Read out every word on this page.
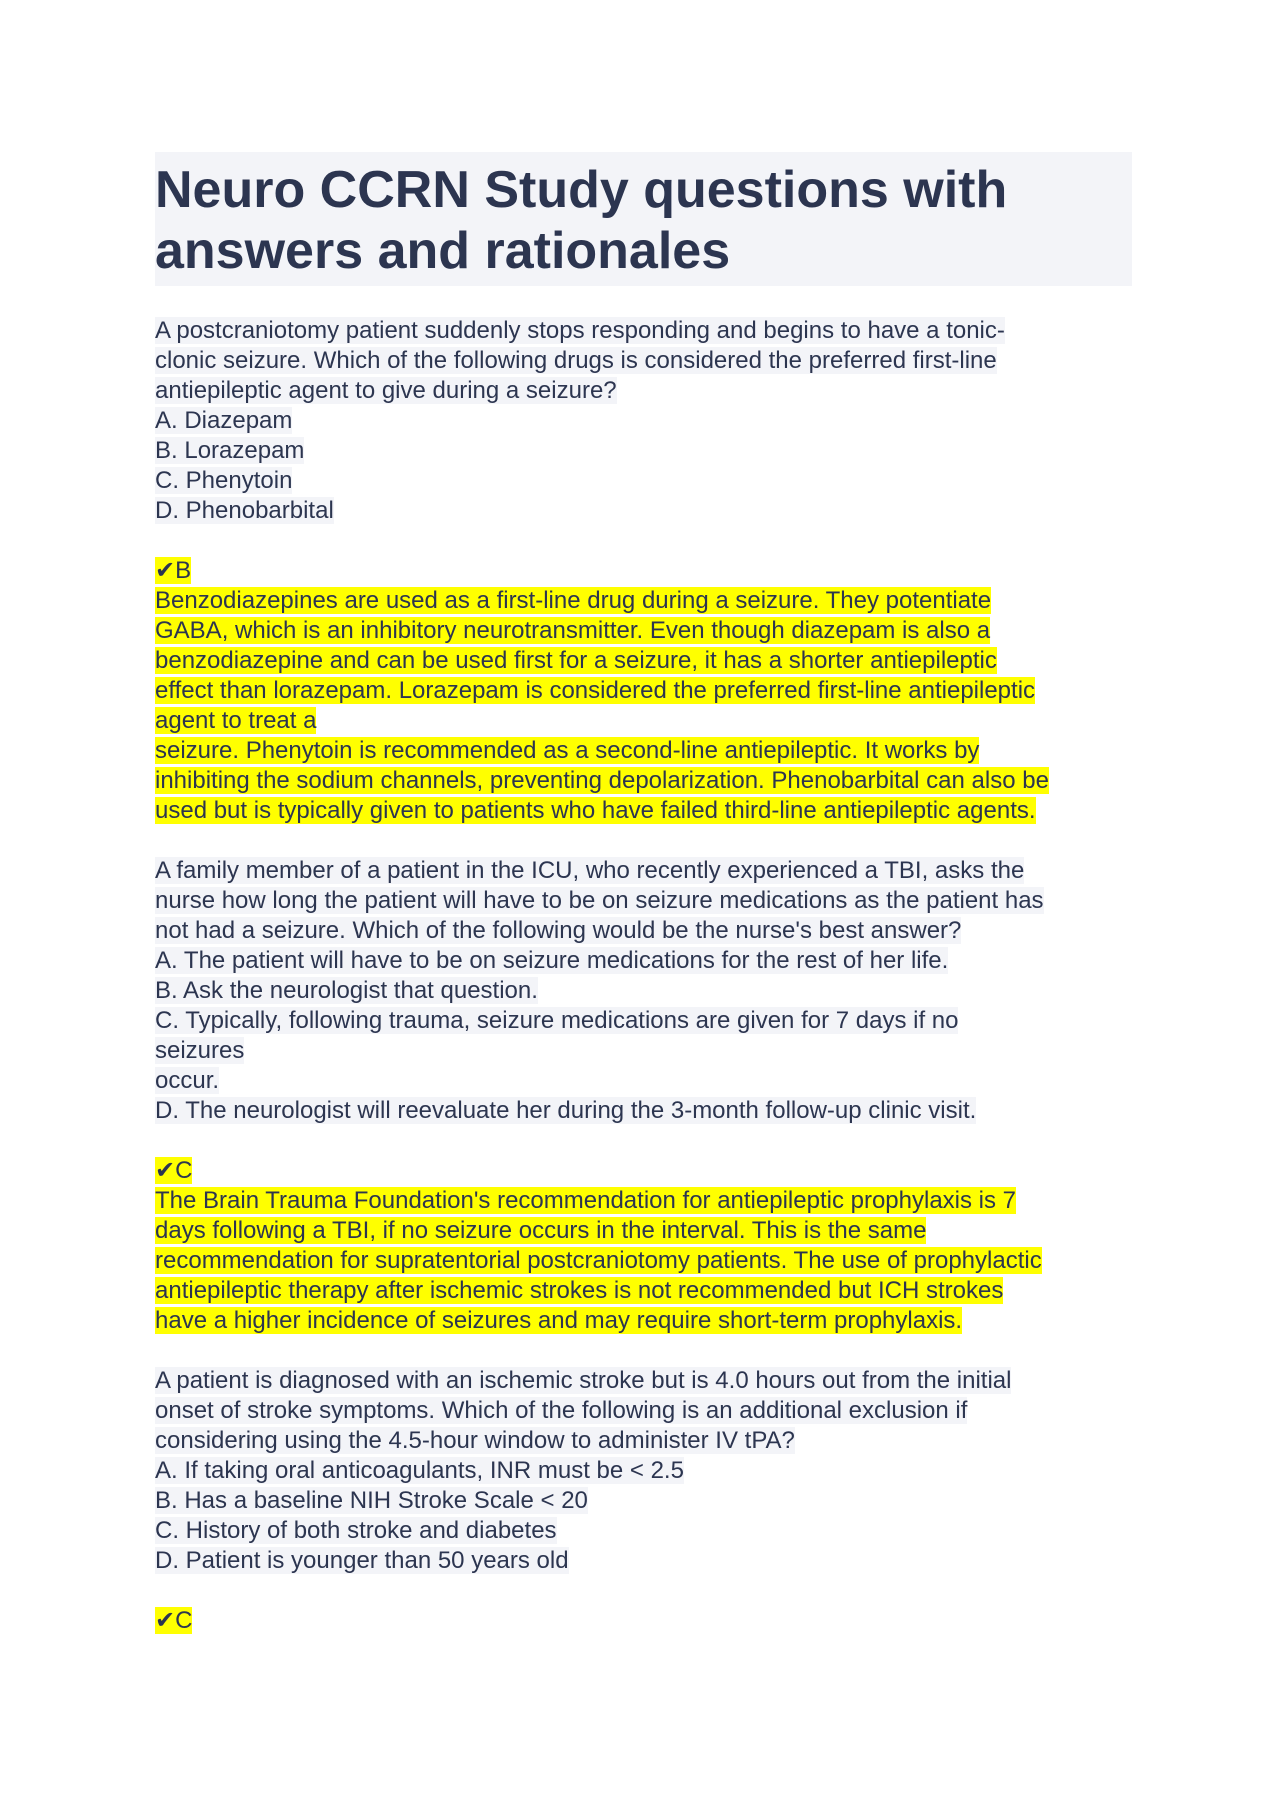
Neuro CCRN Study questions with
answers and rationales
A postcraniotomy patient suddenly stops responding and begins to have a tonic-
clonic seizure. Which of the following drugs is considered the preferred first-line
antiepileptic agent to give during a seizure?
A. Diazepam
B. Lorazepam
C. Phenytoin
D. Phenobarbital
✔B
Benzodiazepines are used as a first-line drug during a seizure. They potentiate
GABA, which is an inhibitory neurotransmitter. Even though diazepam is also a
benzodiazepine and can be used first for a seizure, it has a shorter antiepileptic
effect than lorazepam. Lorazepam is considered the preferred first-line antiepileptic
agent to treat a
seizure. Phenytoin is recommended as a second-line antiepileptic. It works by
inhibiting the sodium channels, preventing depolarization. Phenobarbital can also be
used but is typically given to patients who have failed third-line antiepileptic agents.
A family member of a patient in the ICU, who recently experienced a TBI, asks the
nurse how long the patient will have to be on seizure medications as the patient has
not had a seizure. Which of the following would be the nurse's best answer?
A. The patient will have to be on seizure medications for the rest of her life.
B. Ask the neurologist that question.
C. Typically, following trauma, seizure medications are given for 7 days if no
seizures
occur.
D. The neurologist will reevaluate her during the 3-month follow-up clinic visit.
✔C
The Brain Trauma Foundation's recommendation for antiepileptic prophylaxis is 7
days following a TBI, if no seizure occurs in the interval. This is the same
recommendation for supratentorial postcraniotomy patients. The use of prophylactic
antiepileptic therapy after ischemic strokes is not recommended but ICH strokes
have a higher incidence of seizures and may require short-term prophylaxis.
A patient is diagnosed with an ischemic stroke but is 4.0 hours out from the initial
onset of stroke symptoms. Which of the following is an additional exclusion if
considering using the 4.5-hour window to administer IV tPA?
A. If taking oral anticoagulants, INR must be < 2.5
B. Has a baseline NIH Stroke Scale < 20
C. History of both stroke and diabetes
D. Patient is younger than 50 years old
✔C
